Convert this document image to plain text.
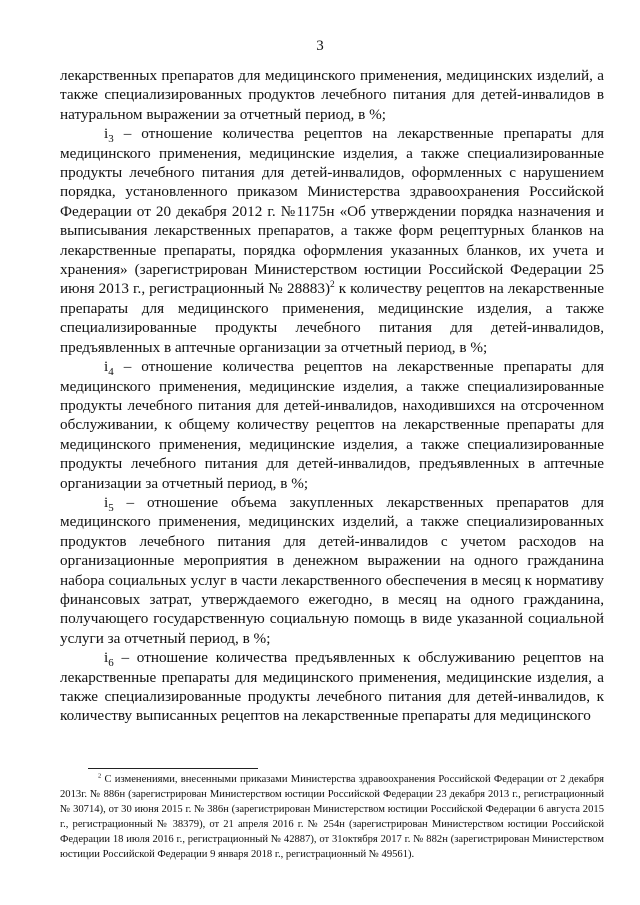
3

лекарственных препаратов для медицинского применения, медицинских изделий, а также специализированных продуктов лечебного питания для детей-инвалидов в натуральном выражении за отчетный период, в %;

$i_3$ – отношение количества рецептов на лекарственные препараты для медицинского применения, медицинские изделия, а также специализированные продукты лечебного питания для детей-инвалидов, оформленных с нарушением порядка, установленного приказом Министерства здравоохранения Российской Федерации от 20 декабря 2012 г. №1175н «Об утверждении порядка назначения и выписывания лекарственных препаратов, а также форм рецептурных бланков на лекарственные препараты, порядка оформления указанных бланков, их учета и хранения» (зарегистрирован Министерством юстиции Российской Федерации 25 июня 2013 г., регистрационный № 28883)$^2$ к количеству рецептов на лекарственные препараты для медицинского применения, медицинские изделия, а также специализированные продукты лечебного питания для детей-инвалидов, предъявленных в аптечные организации за отчетный период, в %;

$i_4$ – отношение количества рецептов на лекарственные препараты для медицинского применения, медицинские изделия, а также специализированные продукты лечебного питания для детей-инвалидов, находившихся на отсроченном обслуживании, к общему количеству рецептов на лекарственные препараты для медицинского применения, медицинские изделия, а также специализированные продукты лечебного питания для детей-инвалидов, предъявленных в аптечные организации за отчетный период, в %;

$i_5$ – отношение объема закупленных лекарственных препаратов для медицинского применения, медицинских изделий, а также специализированных продуктов лечебного питания для детей-инвалидов с учетом расходов на организационные мероприятия в денежном выражении на одного гражданина набора социальных услуг в части лекарственного обеспечения в месяц к нормативу финансовых затрат, утверждаемого ежегодно, в месяц на одного гражданина, получающего государственную социальную помощь в виде указанной социальной услуги за отчетный период, в %;

$i_6$ – отношение количества предъявленных к обслуживанию рецептов на лекарственные препараты для медицинского применения, медицинские изделия, а также специализированные продукты лечебного питания для детей-инвалидов, к количеству выписанных рецептов на лекарственные препараты для медицинского

$^2$ С изменениями, внесенными приказами Министерства здравоохранения Российской Федерации от 2 декабря 2013г. № 886н (зарегистрирован Министерством юстиции Российской Федерации 23 декабря 2013 г., регистрационный № 30714), от 30 июня 2015 г. № 386н (зарегистрирован Министерством юстиции Российской Федерации 6 августа 2015 г., регистрационный № 38379), от 21 апреля 2016 г. № 254н (зарегистрирован Министерством юстиции Российской Федерации 18 июля 2016 г., регистрационный № 42887), от 31октября 2017 г. № 882н (зарегистрирован Министерством юстиции Российской Федерации 9 января 2018 г., регистрационный № 49561).
